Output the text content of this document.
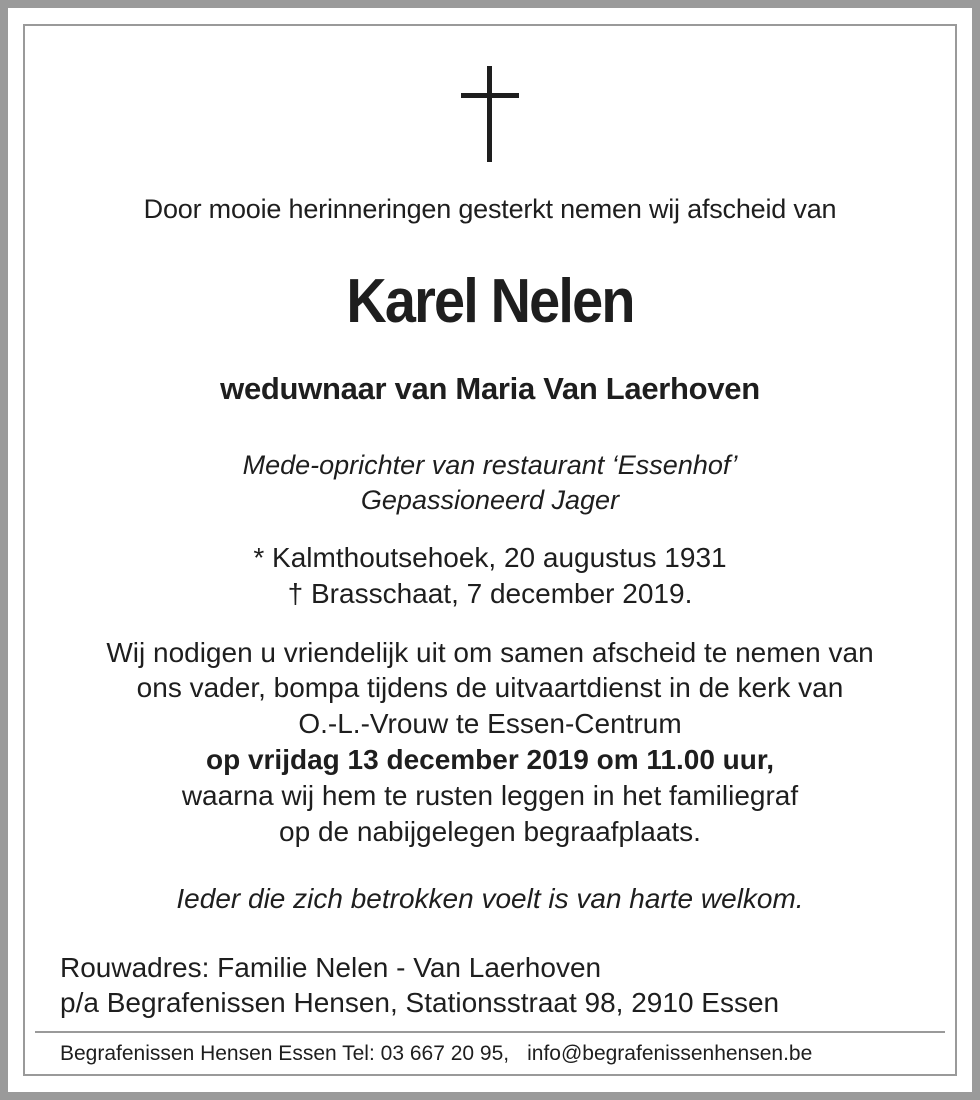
Door mooie herinneringen gesterkt nemen wij afscheid van
Karel Nelen
weduwnaar van Maria Van Laerhoven
Mede-oprichter van restaurant ‘Essenhof’
Gepassioneerd Jager
* Kalmthoutsehoek, 20 augustus 1931
† Brasschaat, 7 december 2019.
Wij nodigen u vriendelijk uit om samen afscheid te nemen van
ons vader, bompa tijdens de uitvaartdienst in de kerk van
O.-L.-Vrouw te Essen-Centrum
op vrijdag 13 december 2019 om 11.00 uur,
waarna wij hem te rusten leggen in het familiegraf
op de nabijgelegen begraafplaats.
Ieder die zich betrokken voelt is van harte welkom.
Rouwadres: Familie Nelen - Van Laerhoven
p/a Begrafenissen Hensen, Stationsstraat 98, 2910 Essen
Begrafenissen Hensen Essen Tel: 03 667 20 95, info@begrafenissenhensen.be
